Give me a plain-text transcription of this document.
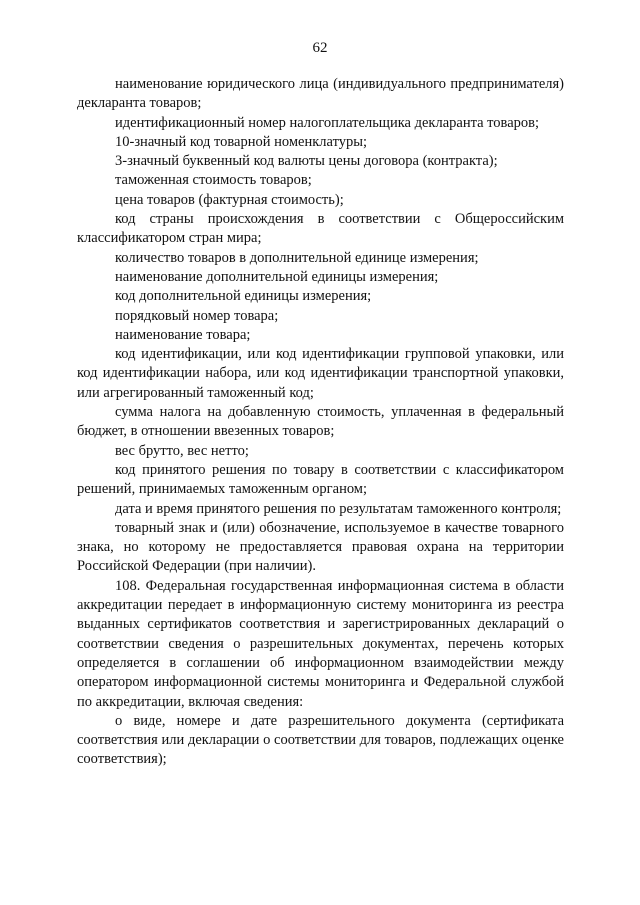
62

наименование юридического лица (индивидуального предпринимателя) декларанта товаров;

идентификационный номер налогоплательщика декларанта товаров;

10-значный код товарной номенклатуры;

3-значный буквенный код валюты цены договора (контракта);

таможенная стоимость товаров;

цена товаров (фактурная стоимость);

код страны происхождения в соответствии с Общероссийским классификатором стран мира;

количество товаров в дополнительной единице измерения;

наименование дополнительной единицы измерения;

код дополнительной единицы измерения;

порядковый номер товара;

наименование товара;

код идентификации, или код идентификации групповой упаковки, или код идентификации набора, или код идентификации транспортной упаковки, или агрегированный таможенный код;

сумма налога на добавленную стоимость, уплаченная в федеральный бюджет, в отношении ввезенных товаров;

вес брутто, вес нетто;

код принятого решения по товару в соответствии с классификатором решений, принимаемых таможенным органом;

дата и время принятого решения по результатам таможенного контроля;

товарный знак и (или) обозначение, используемое в качестве товарного знака, но которому не предоставляется правовая охрана на территории Российской Федерации (при наличии).

108. Федеральная государственная информационная система в области аккредитации передает в информационную систему мониторинга из реестра выданных сертификатов соответствия и зарегистрированных деклараций о соответствии сведения о разрешительных документах, перечень которых определяется в соглашении об информационном взаимодействии между оператором информационной системы мониторинга и Федеральной службой по аккредитации, включая сведения:

о виде, номере и дате разрешительного документа (сертификата соответствия или декларации о соответствии для товаров, подлежащих оценке соответствия);
